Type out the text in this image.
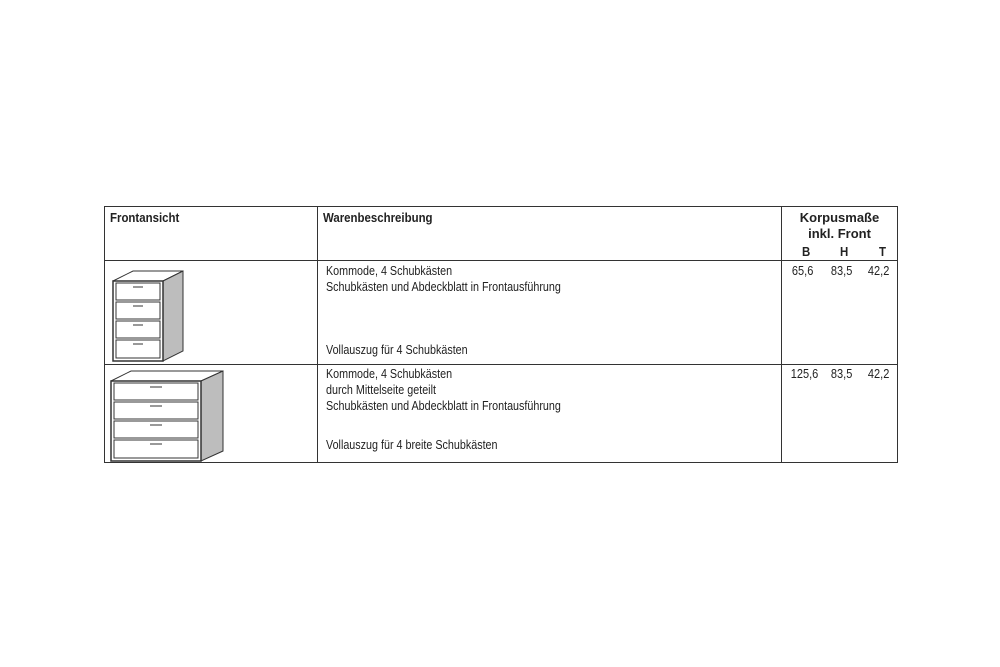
Frontansicht	Warenbeschreibung	Korpusmaße
inkl. Front
B H T
Kommode, 4 Schubkästen
Schubkästen und Abdeckblatt in Frontausführung
Vollauszug für 4 Schubkästen
65,6 83,5 42,2
Kommode, 4 Schubkästen
durch Mittelseite geteilt
Schubkästen und Abdeckblatt in Frontausführung
Vollauszug für 4 breite Schubkästen
125,6 83,5 42,2
